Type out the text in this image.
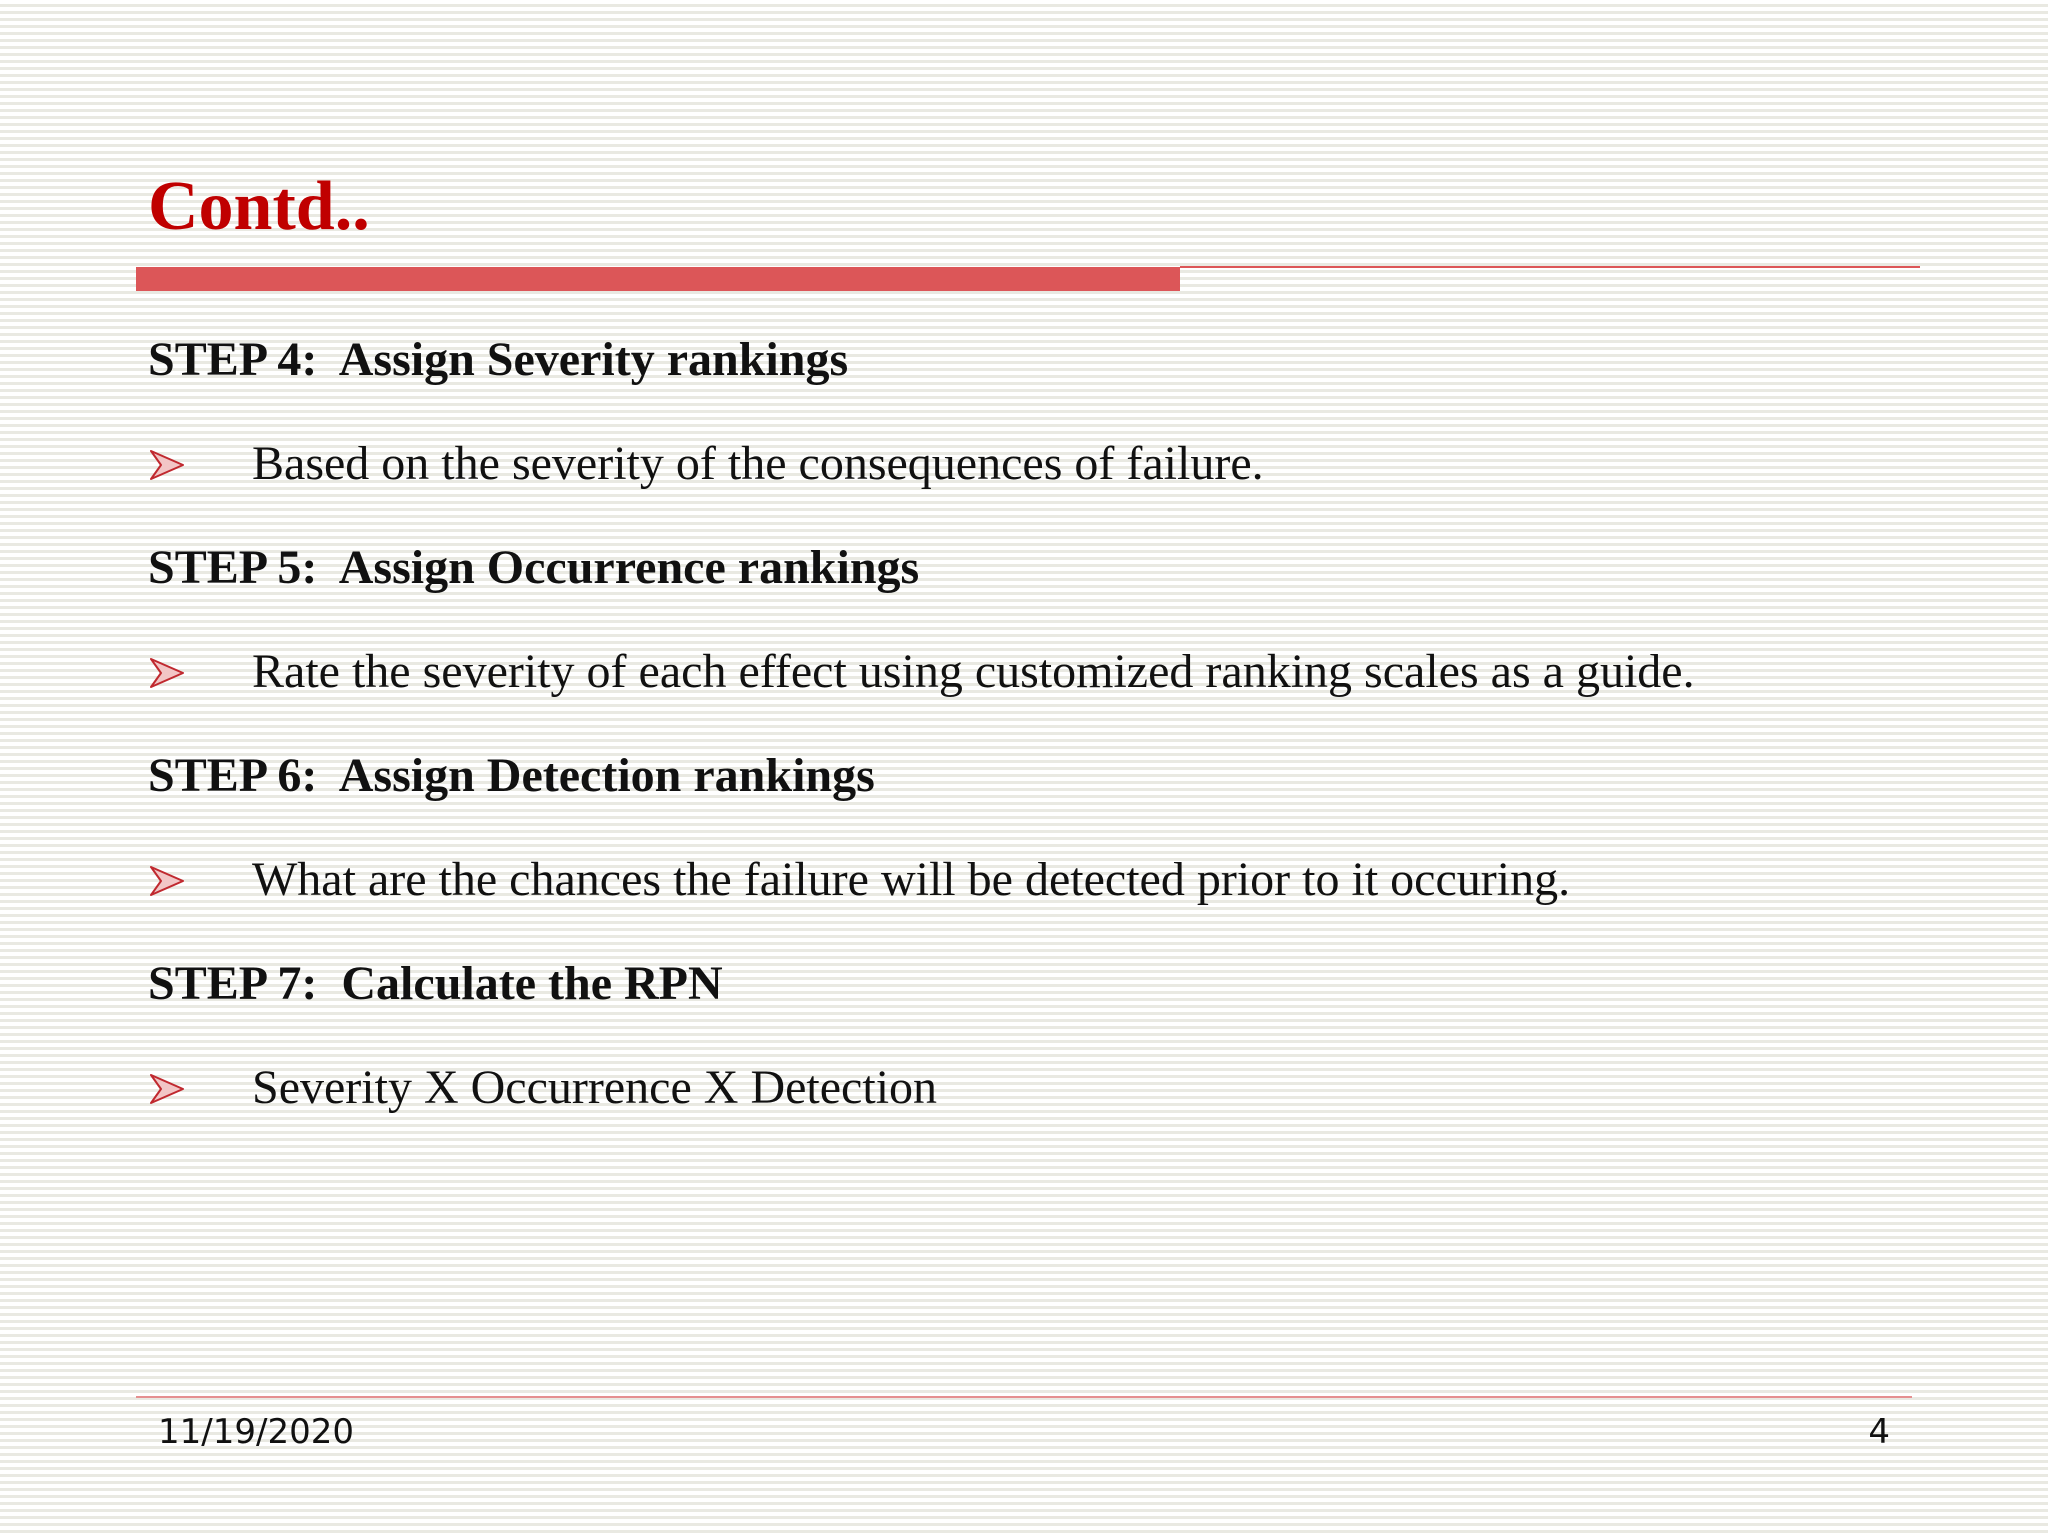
Contd..
STEP 4:  Assign Severity rankings
Based on the severity of the consequences of failure.
STEP 5:  Assign Occurrence rankings
Rate the severity of each effect using customized ranking scales as a guide.
STEP 6:  Assign Detection rankings
What are the chances the failure will be detected prior to it occuring.
STEP 7:  Calculate the RPN
Severity X Occurrence X Detection
11/19/2020	4
